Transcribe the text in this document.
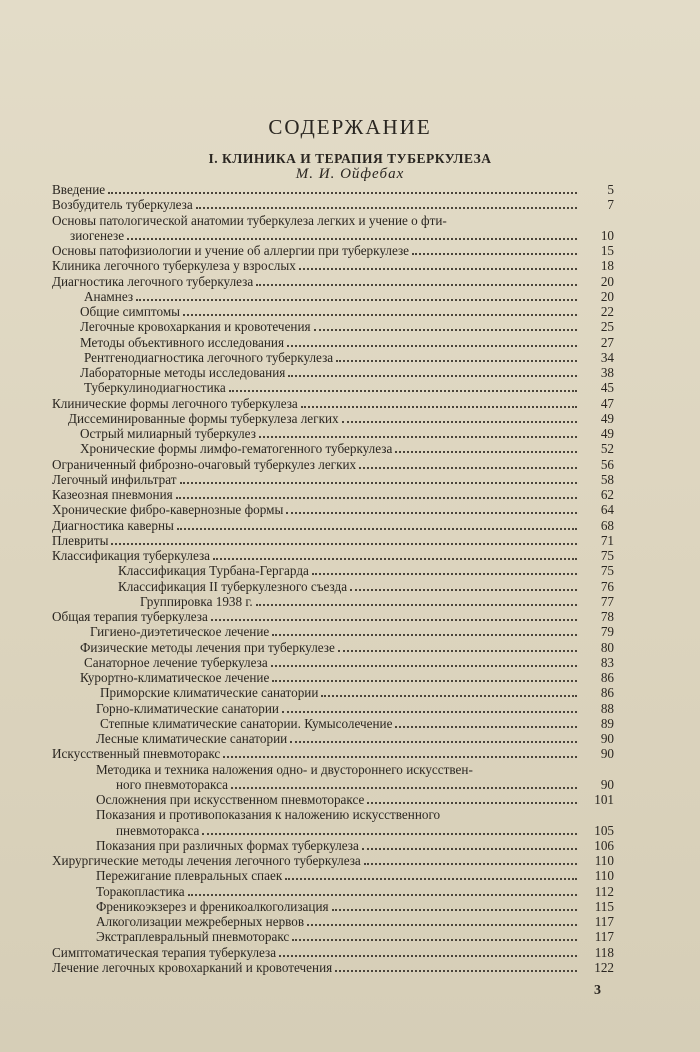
СОДЕРЖАНИЕ
I. КЛИНИКА И ТЕРАПИЯ ТУБЕРКУЛЕЗА
М. И. Ойфебах
Введение	5
Возбудитель туберкулеза	7
Основы патологической анатомии туберкулеза легких и учение о фти-
зиогенезе	10
Основы патофизиологии и учение об аллергии при туберкулезе	15
Клиника легочного туберкулеза у взрослых	18
Диагностика легочного туберкулеза	20
Анамнез	20
Общие симптомы	22
Легочные кровохаркания и кровотечения	25
Методы объективного исследования	27
Рентгенодиагностика легочного туберкулеза	34
Лабораторные методы исследования	38
Туберкулинодиагностика	45
Клинические формы легочного туберкулеза	47
Диссеминированные формы туберкулеза легких	49
Острый милиарный туберкулез	49
Хронические формы лимфо-гематогенного туберкулеза	52
Ограниченный фиброзно-очаговый туберкулез легких	56
Легочный инфильтрат	58
Казеозная пневмония	62
Хронические фибро-кавернозные формы	64
Диагностика каверны	68
Плевриты	71
Классификация туберкулеза	75
Классификация Турбана-Гергарда	75
Классификация II туберкулезного съезда	76
Группировка 1938 г.	77
Общая терапия туберкулеза	78
Гигиено-диэтетическое лечение	79
Физические методы лечения при туберкулезе	80
Санаторное лечение туберкулеза	83
Курортно-климатическое лечение	86
Приморские климатические санатории	86
Горно-климатические санатории	88
Степные климатические санатории. Кумысолечение	89
Лесные климатические санатории	90
Искусственный пневмоторакс	90
Методика и техника наложения одно- и двустороннего искусствен-
ного пневмоторакса	90
Осложнения при искусственном пневмотораксе	101
Показания и противопоказания к наложению искусственного
пневмоторакса	105
Показания при различных формах туберкулеза	106
Хирургические методы лечения легочного туберкулеза	110
Пережигание плевральных спаек	110
Торакопластика	112
Френикоэкзерез и френикоалкоголизация	115
Алкоголизации межреберных нервов	117
Экстраплевральный пневмоторакс	117
Симптоматическая терапия туберкулеза	118
Лечение легочных кровохарканий и кровотечения	122
3
